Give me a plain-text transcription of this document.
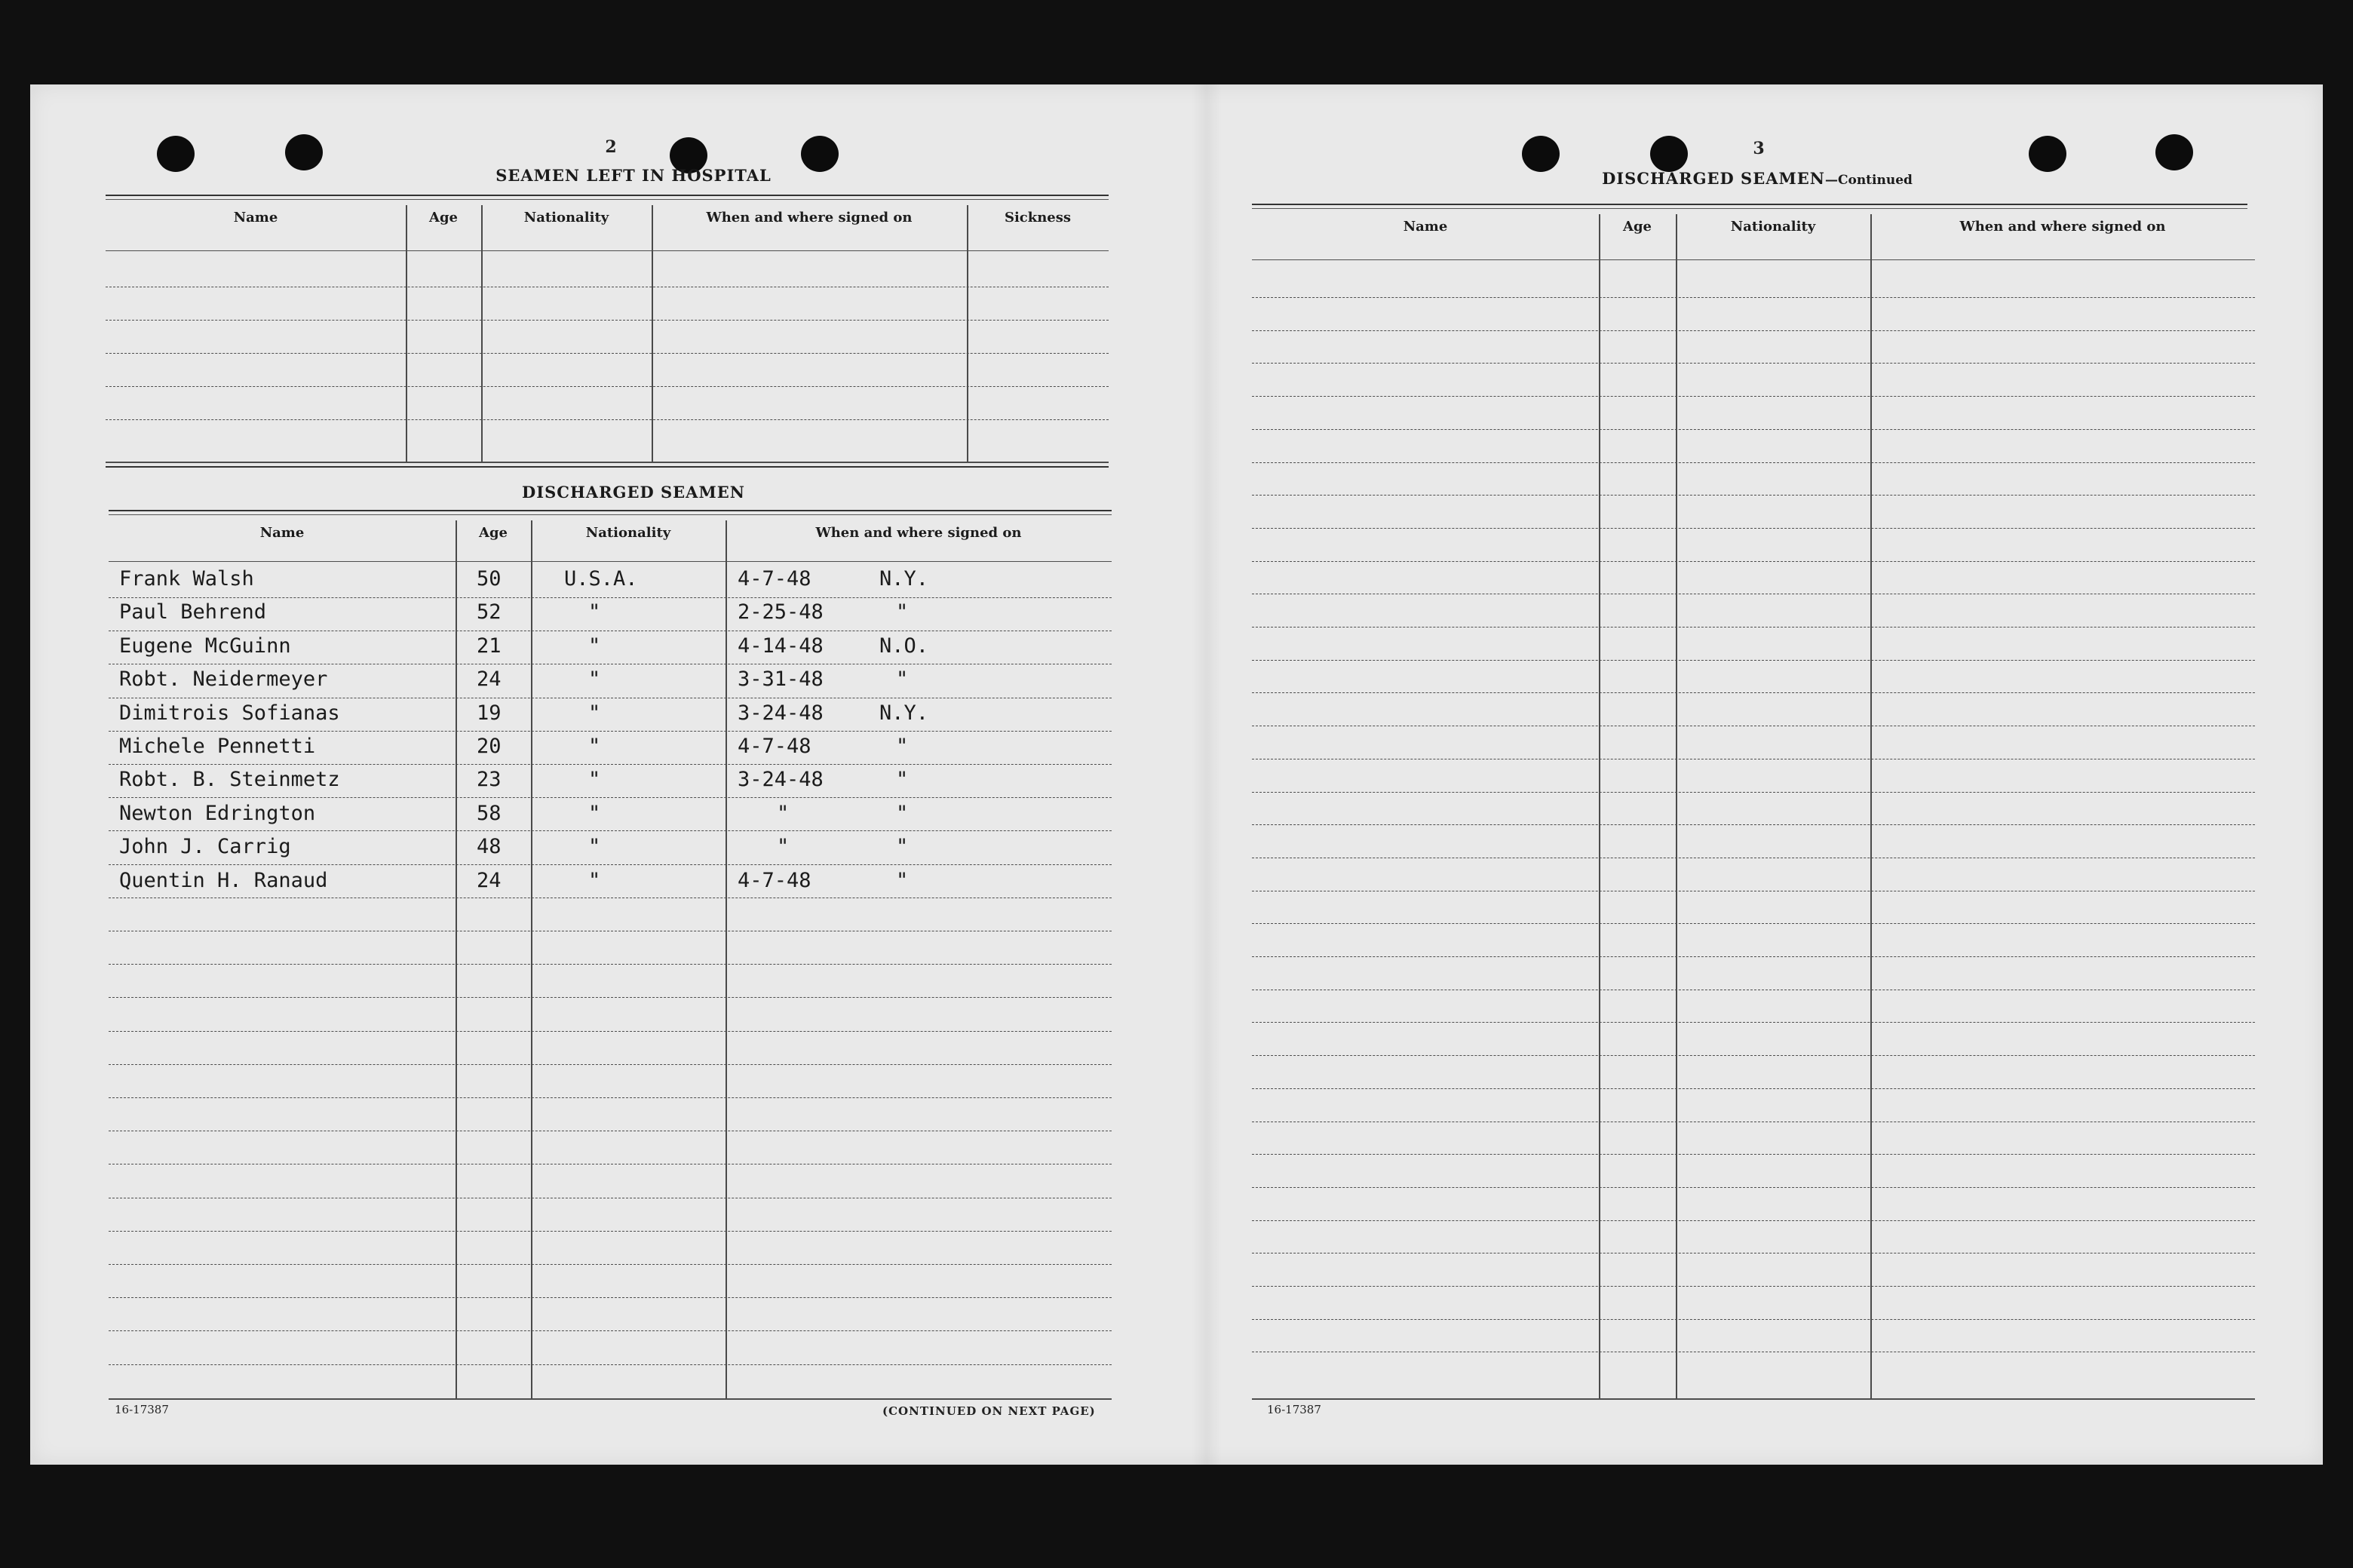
2
SEAMEN LEFT IN HOSPITAL
Name	Age	Nationality	When and where signed on	Sickness
DISCHARGED SEAMEN
Name	Age	Nationality	When and where signed on
Frank Walsh	50	U.S.A.	4-7-48	N.Y.
Paul Behrend	52	"	2-25-48	"
Eugene McGuinn	21	"	4-14-48	N.O.
Robt. Neidermeyer	24	"	3-31-48	"
Dimitrois Sofianas	19	"	3-24-48	N.Y.
Michele Pennetti	20	"	4-7-48	"
Robt. B. Steinmetz	23	"	3-24-48	"
Newton Edrington	58	"	"	"
John J. Carrig	48	"	"	"
Quentin H. Ranaud	24	"	4-7-48	"
16-17387	(CONTINUED ON NEXT PAGE)
3
DISCHARGED SEAMEN—Continued
Name	Age	Nationality	When and where signed on
16-17387
